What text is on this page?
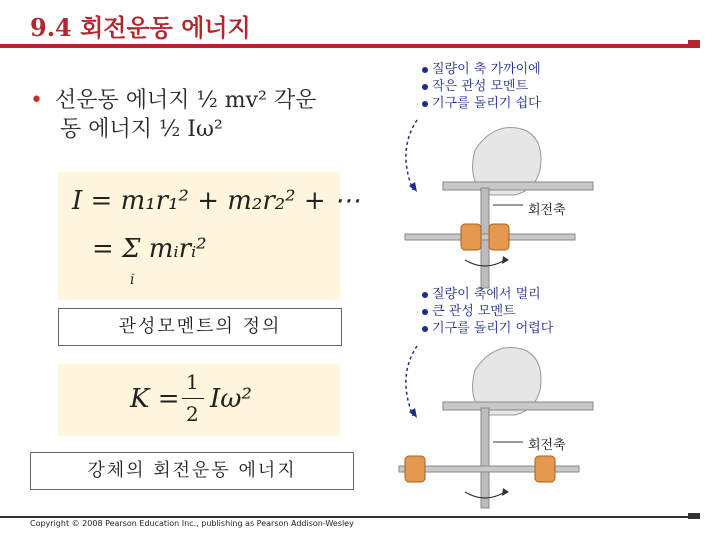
9.4 회전운동 에너지
• 선운동 에너지 ½ mv² 각운
동 에너지 ½ Iω²
I = m₁r₁² + m₂r₂² + ⋯
= Σ mᵢrᵢ²
i
관성모멘트의 정의
K =
1
2 Iω²
강체의 회전운동 에너지
질량이 축 가까이에
작은 관성 모멘트
기구를 돌리기 쉽다
회전축
질량이 축에서 멀리
큰 관성 모멘트
기구를 돌리기 어렵다
회전축
Copyright © 2008 Pearson Education Inc., publishing as Pearson Addison-Wesley
